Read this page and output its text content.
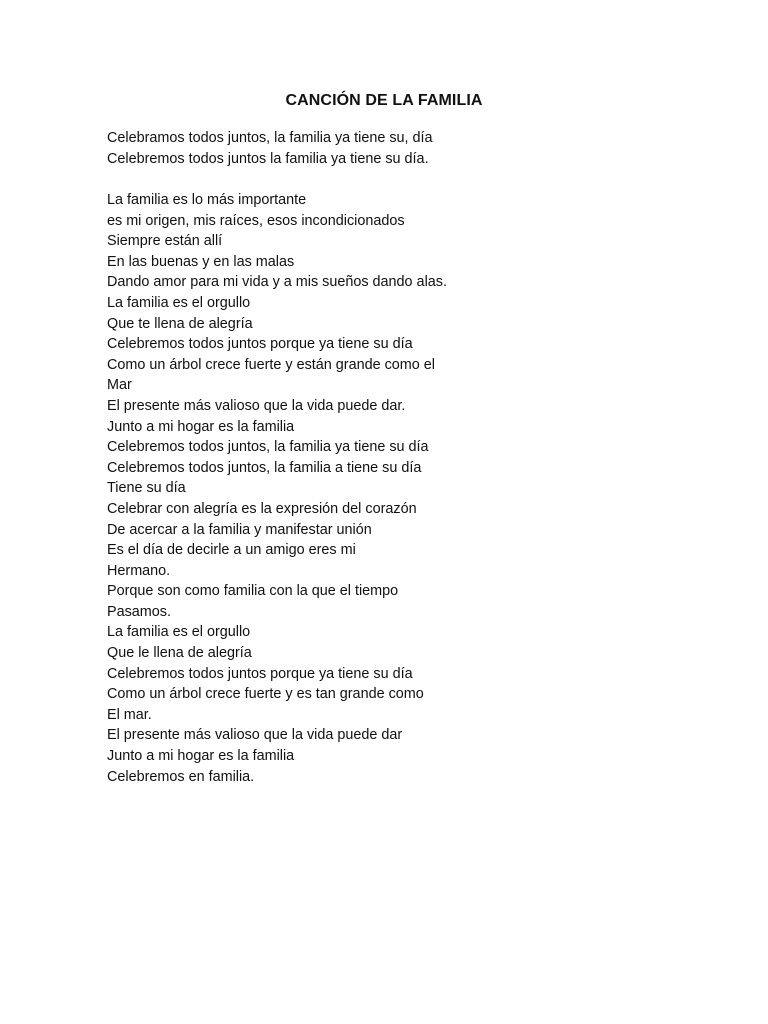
CANCIÓN DE LA FAMILIA
Celebramos todos juntos, la familia ya tiene su, día
Celebremos todos juntos la familia ya tiene su día.
La familia es lo más importante
es mi origen, mis raíces, esos incondicionados
Siempre están allí
En las buenas y en las malas
Dando amor para mi vida y a mis sueños dando alas.
La familia es el orgullo
Que te llena de alegría
Celebremos todos juntos porque ya tiene su día
Como un árbol crece fuerte y están grande como el
Mar
El presente más valioso que la vida puede dar.
Junto a mi hogar es la familia
Celebremos todos juntos, la familia ya tiene su día
Celebremos todos juntos, la familia a tiene su día
Tiene su día
Celebrar con alegría es la expresión del corazón
De acercar a la familia y manifestar unión
Es el día de decirle a un amigo eres mi
Hermano.
Porque son como familia con la que el tiempo
Pasamos.
La familia es el orgullo
Que le llena de alegría
Celebremos todos juntos porque ya tiene su día
Como un árbol crece fuerte y es tan grande como
El mar.
El presente más valioso que la vida puede dar
Junto a mi hogar es la familia
Celebremos en familia.
